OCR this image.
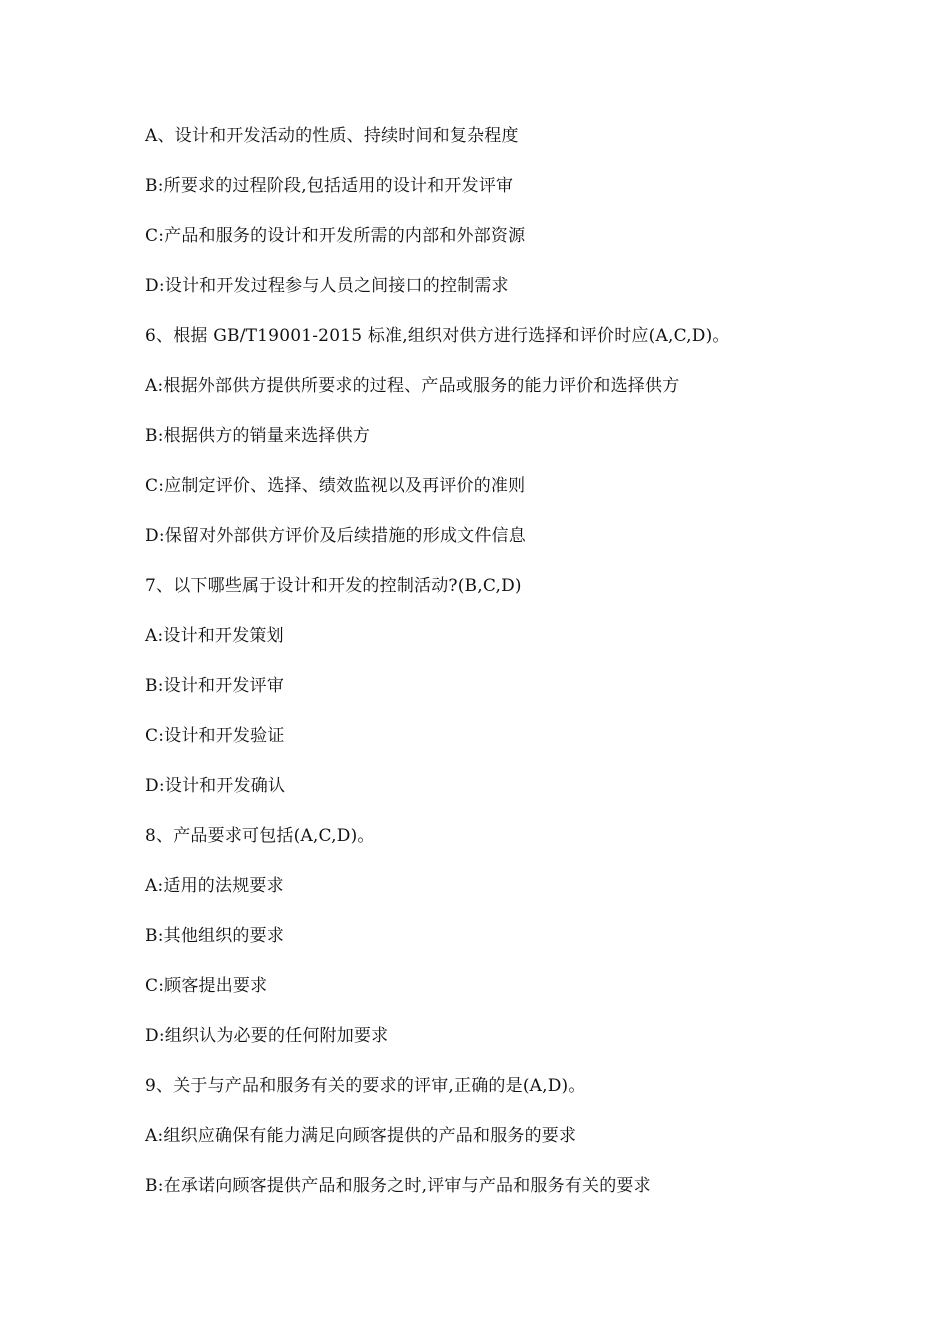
A、设计和开发活动的性质、持续时间和复杂程度
B:所要求的过程阶段,包括适用的设计和开发评审
C:产品和服务的设计和开发所需的内部和外部资源
D:设计和开发过程参与人员之间接口的控制需求
6、根据 GB/T19001-2015 标准,组织对供方进行选择和评价时应(A,C,D)。
A:根据外部供方提供所要求的过程、产品或服务的能力评价和选择供方
B:根据供方的销量来选择供方
C:应制定评价、选择、绩效监视以及再评价的准则
D:保留对外部供方评价及后续措施的形成文件信息
7、以下哪些属于设计和开发的控制活动?(B,C,D)
A:设计和开发策划
B:设计和开发评审
C:设计和开发验证
D:设计和开发确认
8、产品要求可包括(A,C,D)。
A:适用的法规要求
B:其他组织的要求
C:顾客提出要求
D:组织认为必要的任何附加要求
9、关于与产品和服务有关的要求的评审,正确的是(A,D)。
A:组织应确保有能力满足向顾客提供的产品和服务的要求
B:在承诺向顾客提供产品和服务之时,评审与产品和服务有关的要求
